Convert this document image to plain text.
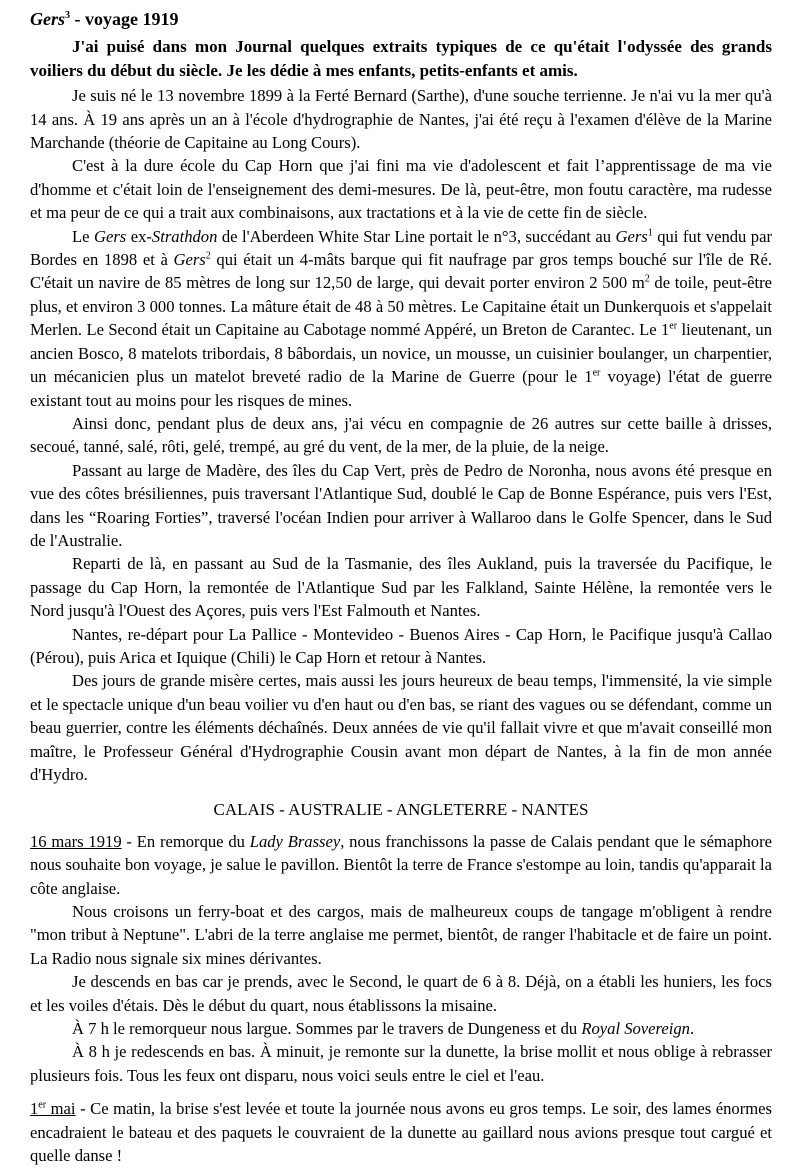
Gers$^3$ - voyage 1919
J'ai puisé dans mon Journal quelques extraits typiques de ce qu'était l'odyssée des grands voiliers du début du siècle. Je les dédie à mes enfants, petits-enfants et amis.

Je suis né le 13 novembre 1899 à la Ferté Bernard (Sarthe), d'une souche terrienne. Je n'ai vu la mer qu'à 14 ans. À 19 ans après un an à l'école d'hydrographie de Nantes, j'ai été reçu à l'examen d'élève de la Marine Marchande (théorie de Capitaine au Long Cours).

C'est à la dure école du Cap Horn que j'ai fini ma vie d'adolescent et fait l’apprentissage de ma vie d'homme et c'était loin de l'enseignement des demi-mesures. De là, peut-être, mon foutu caractère, ma rudesse et ma peur de ce qui a trait aux combinaisons, aux tractations et à la vie de cette fin de siècle.

Le Gers ex-Strathdon de l'Aberdeen White Star Line portait le n°3, succédant au Gers$^1$ qui fut vendu par Bordes en 1898 et à Gers$^2$ qui était un 4-mâts barque qui fit naufrage par gros temps bouché sur l'île de Ré. C'était un navire de 85 mètres de long sur 12,50 de large, qui devait porter environ 2 500 $m^2$ de toile, peut-être plus, et environ 3 000 tonnes. La mâture était de 48 à 50 mètres. Le Capitaine était un Dunkerquois et s'appelait Merlen. Le Second était un Capitaine au Cabotage nommé Appéré, un Breton de Carantec. Le 1er lieutenant, un ancien Bosco, 8 matelots tribordais, 8 bâbordais, un novice, un mousse, un cuisinier boulanger, un charpentier, un mécanicien plus un matelot breveté radio de la Marine de Guerre (pour le 1er voyage) l'état de guerre existant tout au moins pour les risques de mines.

Ainsi donc, pendant plus de deux ans, j'ai vécu en compagnie de 26 autres sur cette baille à drisses, secoué, tanné, salé, rôti, gelé, trempé, au gré du vent, de la mer, de la pluie, de la neige.

Passant au large de Madère, des îles du Cap Vert, près de Pedro de Noronha, nous avons été presque en vue des côtes brésiliennes, puis traversant l'Atlantique Sud, doublé le Cap de Bonne Espérance, puis vers l'Est, dans les “Roaring Forties”, traversé l'océan Indien pour arriver à Wallaroo dans le Golfe Spencer, dans le Sud de l'Australie.

Reparti de là, en passant au Sud de la Tasmanie, des îles Aukland, puis la traversée du Pacifique, le passage du Cap Horn, la remontée de l'Atlantique Sud par les Falkland, Sainte Hélène, la remontée vers le Nord jusqu'à l'Ouest des Açores, puis vers l'Est Falmouth et Nantes.

Nantes, re-départ pour La Pallice - Montevideo - Buenos Aires - Cap Horn, le Pacifique jusqu'à Callao (Pérou), puis Arica et Iquique (Chili) le Cap Horn et retour à Nantes.

Des jours de grande misère certes, mais aussi les jours heureux de beau temps, l'immensité, la vie simple et le spectacle unique d'un beau voilier vu d'en haut ou d'en bas, se riant des vagues ou se défendant, comme un beau guerrier, contre les éléments déchaînés. Deux années de vie qu'il fallait vivre et que m'avait conseillé mon maître, le Professeur Général d'Hydrographie Cousin avant mon départ de Nantes, à la fin de mon année d'Hydro.

CALAIS - AUSTRALIE - ANGLETERRE - NANTES

16 mars 1919 - En remorque du Lady Brassey, nous franchissons la passe de Calais pendant que le sémaphore nous souhaite bon voyage, je salue le pavillon. Bientôt la terre de France s'estompe au loin, tandis qu'apparait la côte anglaise.

Nous croisons un ferry-boat et des cargos, mais de malheureux coups de tangage m'obligent à rendre "mon tribut à Neptune". L'abri de la terre anglaise me permet, bientôt, de ranger l'habitacle et de faire un point. La Radio nous signale six mines dérivantes.

Je descends en bas car je prends, avec le Second, le quart de 6 à 8. Déjà, on a établi les huniers, les focs et les voiles d'étais. Dès le début du quart, nous établissons la misaine.

À 7 h le remorqueur nous largue. Sommes par le travers de Dungeness et du Royal Sovereign.

À 8 h je redescends en bas. À minuit, je remonte sur la dunette, la brise mollit et nous oblige à rebrasser plusieurs fois. Tous les feux ont disparu, nous voici seuls entre le ciel et l'eau.

1er mai - Ce matin, la brise s'est levée et toute la journée nous avons eu gros temps. Le soir, des lames énormes encadraient le bateau et des paquets le couvraient de la dunette au gaillard nous avions presque tout cargué et quelle danse !
